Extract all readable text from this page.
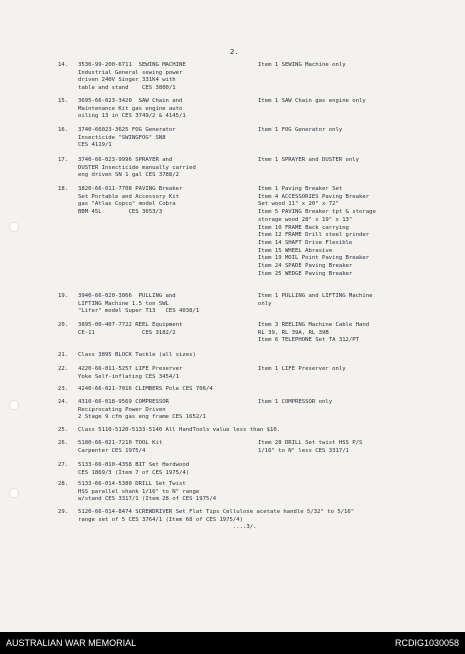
2.
14. 3530-99-200-6711  SEWING MACHINE
Industrial General sewing power
driven 240V Singer 331K4 with
table and stand    CES 3800/1
Item 1 SEWING Machine only
15. 3695-66-023-3420  SAW Chain and
Maintenance Kit gas engine auto
oiling 13 in CES 3749/2 & 4145/1
Item 1 SAW Chain gas engine only
16. 3740-66023-3625 FOG Generator
Insecticide "SWINGFOG" SN8
CES 4119/1
Item 1 FOG Generator only
17. 3740-66-023-9996 SPRAYER and
DUSTER Insecticide manually carried
eng driven SN 1 gal CES 3788/2
Item 1 SPRAYER and DUSTER only
18. 3820-66-011-7708 PAVING Breaker
Set Portable and Accessory Kit
gas "Atlas Copco" model Cobra
BBM 45L        CES 3653/3
Item 1 Paving Breaker Set
Item 4 ACCESSORIES Paving Breaker
Set wood 11" x 20" x 72"
Item 5 PAVING Breaker tpt & storage
storage wood 28" x 19" x 13"
Item 10 FRAME Back carrying
Item 12 FRAME Drill steel grinder
Item 14 SHAFT Drive Flexible
Item 15 WHEEL Abrasive
Item 19 MOIL Point Paving Breaker
Item 24 SPADE Paving Breaker
Item 25 WEDGE Paving Breaker
19. 3940-66-020-3066  PULLING and
LIFTING Machine 1.5 ton SWL
"Lifer" model Super T13   CES 4038/1
Item 1 PULLING and LIFTING Machine
only
20. 3895-00-407-7722 REEL Equipment
CE-11              CES 3182/2
Item 3 REELING Machine Cable Hand
RL 39, RL 39A, RL 39B
Item 6 TELEPHONE Set TA 312/PT
21. Class 3895 BLOCK Tackle (all sizes)
22. 4220-66-011-5257 LIFE Preserver
Yoke Self-inflating CES 3454/1
Item 1 LIFE Preserver only
23. 4240-66-021-7016 CLIMBERS Pole CES 706/4
24. 4310-66-018-9569 COMPRESSOR
Reciprocating Power Driven
2 Stage 9 cfm gas eng frame CES 1652/1
Item 1 COMPRESSOR only
25. Class 5110-5120-5133-5140 All HandTools value less than $10.
26. 5180-66-021-7210 TOOL Kit
Carpenter CES 1975/4
Item 28 DRILL Set twist HSS P/S
1/16" to N" less CES 3317/1
27. 5133-66-010-4358 BIT Set Hardwood
CES 1869/3 (Item 7 of CES 1975/4)
28. 5133-66-014-5380 DRILL Set Twist
HSS parallel shank 1/16" to N" range
w/stand CES 3317/1 (Item 28 of CES 1975/4
29. 5120-66-014-8474 SCREWDRIVER Set Flat Tips Cellulose acetate handle 5/32" to 5/16"
range set of 5 CES 3764/1 (Item 68 of CES 1975/4)
....3/.
AUSTRALIAN WAR MEMORIAL	RCDIG1030058
